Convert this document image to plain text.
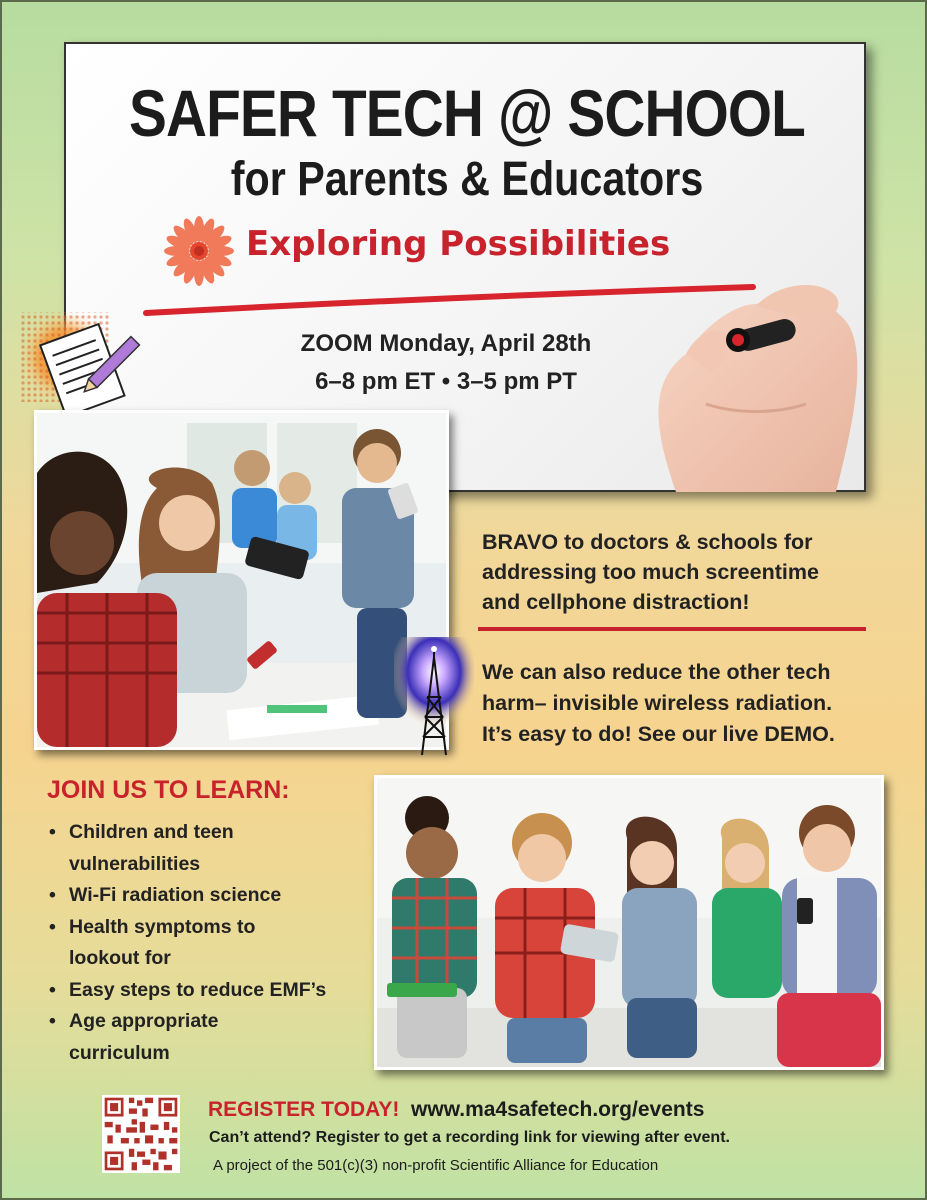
SAFER TECH @ SCHOOL
for Parents & Educators
Exploring Possibilities
ZOOM Monday, April 28th
6–8 pm ET • 3–5 pm PT

BRAVO to doctors & schools for
addressing too much screentime
and cellphone distraction!

We can also reduce the other tech
harm– invisible wireless radiation.
It’s easy to do! See our live DEMO.

JOIN US TO LEARN:
• Children and teen
vulnerabilities
• Wi-Fi radiation science
• Health symptoms to
lookout for
• Easy steps to reduce EMF’s
• Age appropriate
curriculum

REGISTER TODAY! www.ma4safetech.org/events

Can’t attend? Register to get a recording link for viewing after event.

A project of the 501(c)(3) non-profit Scientific Alliance for Education
